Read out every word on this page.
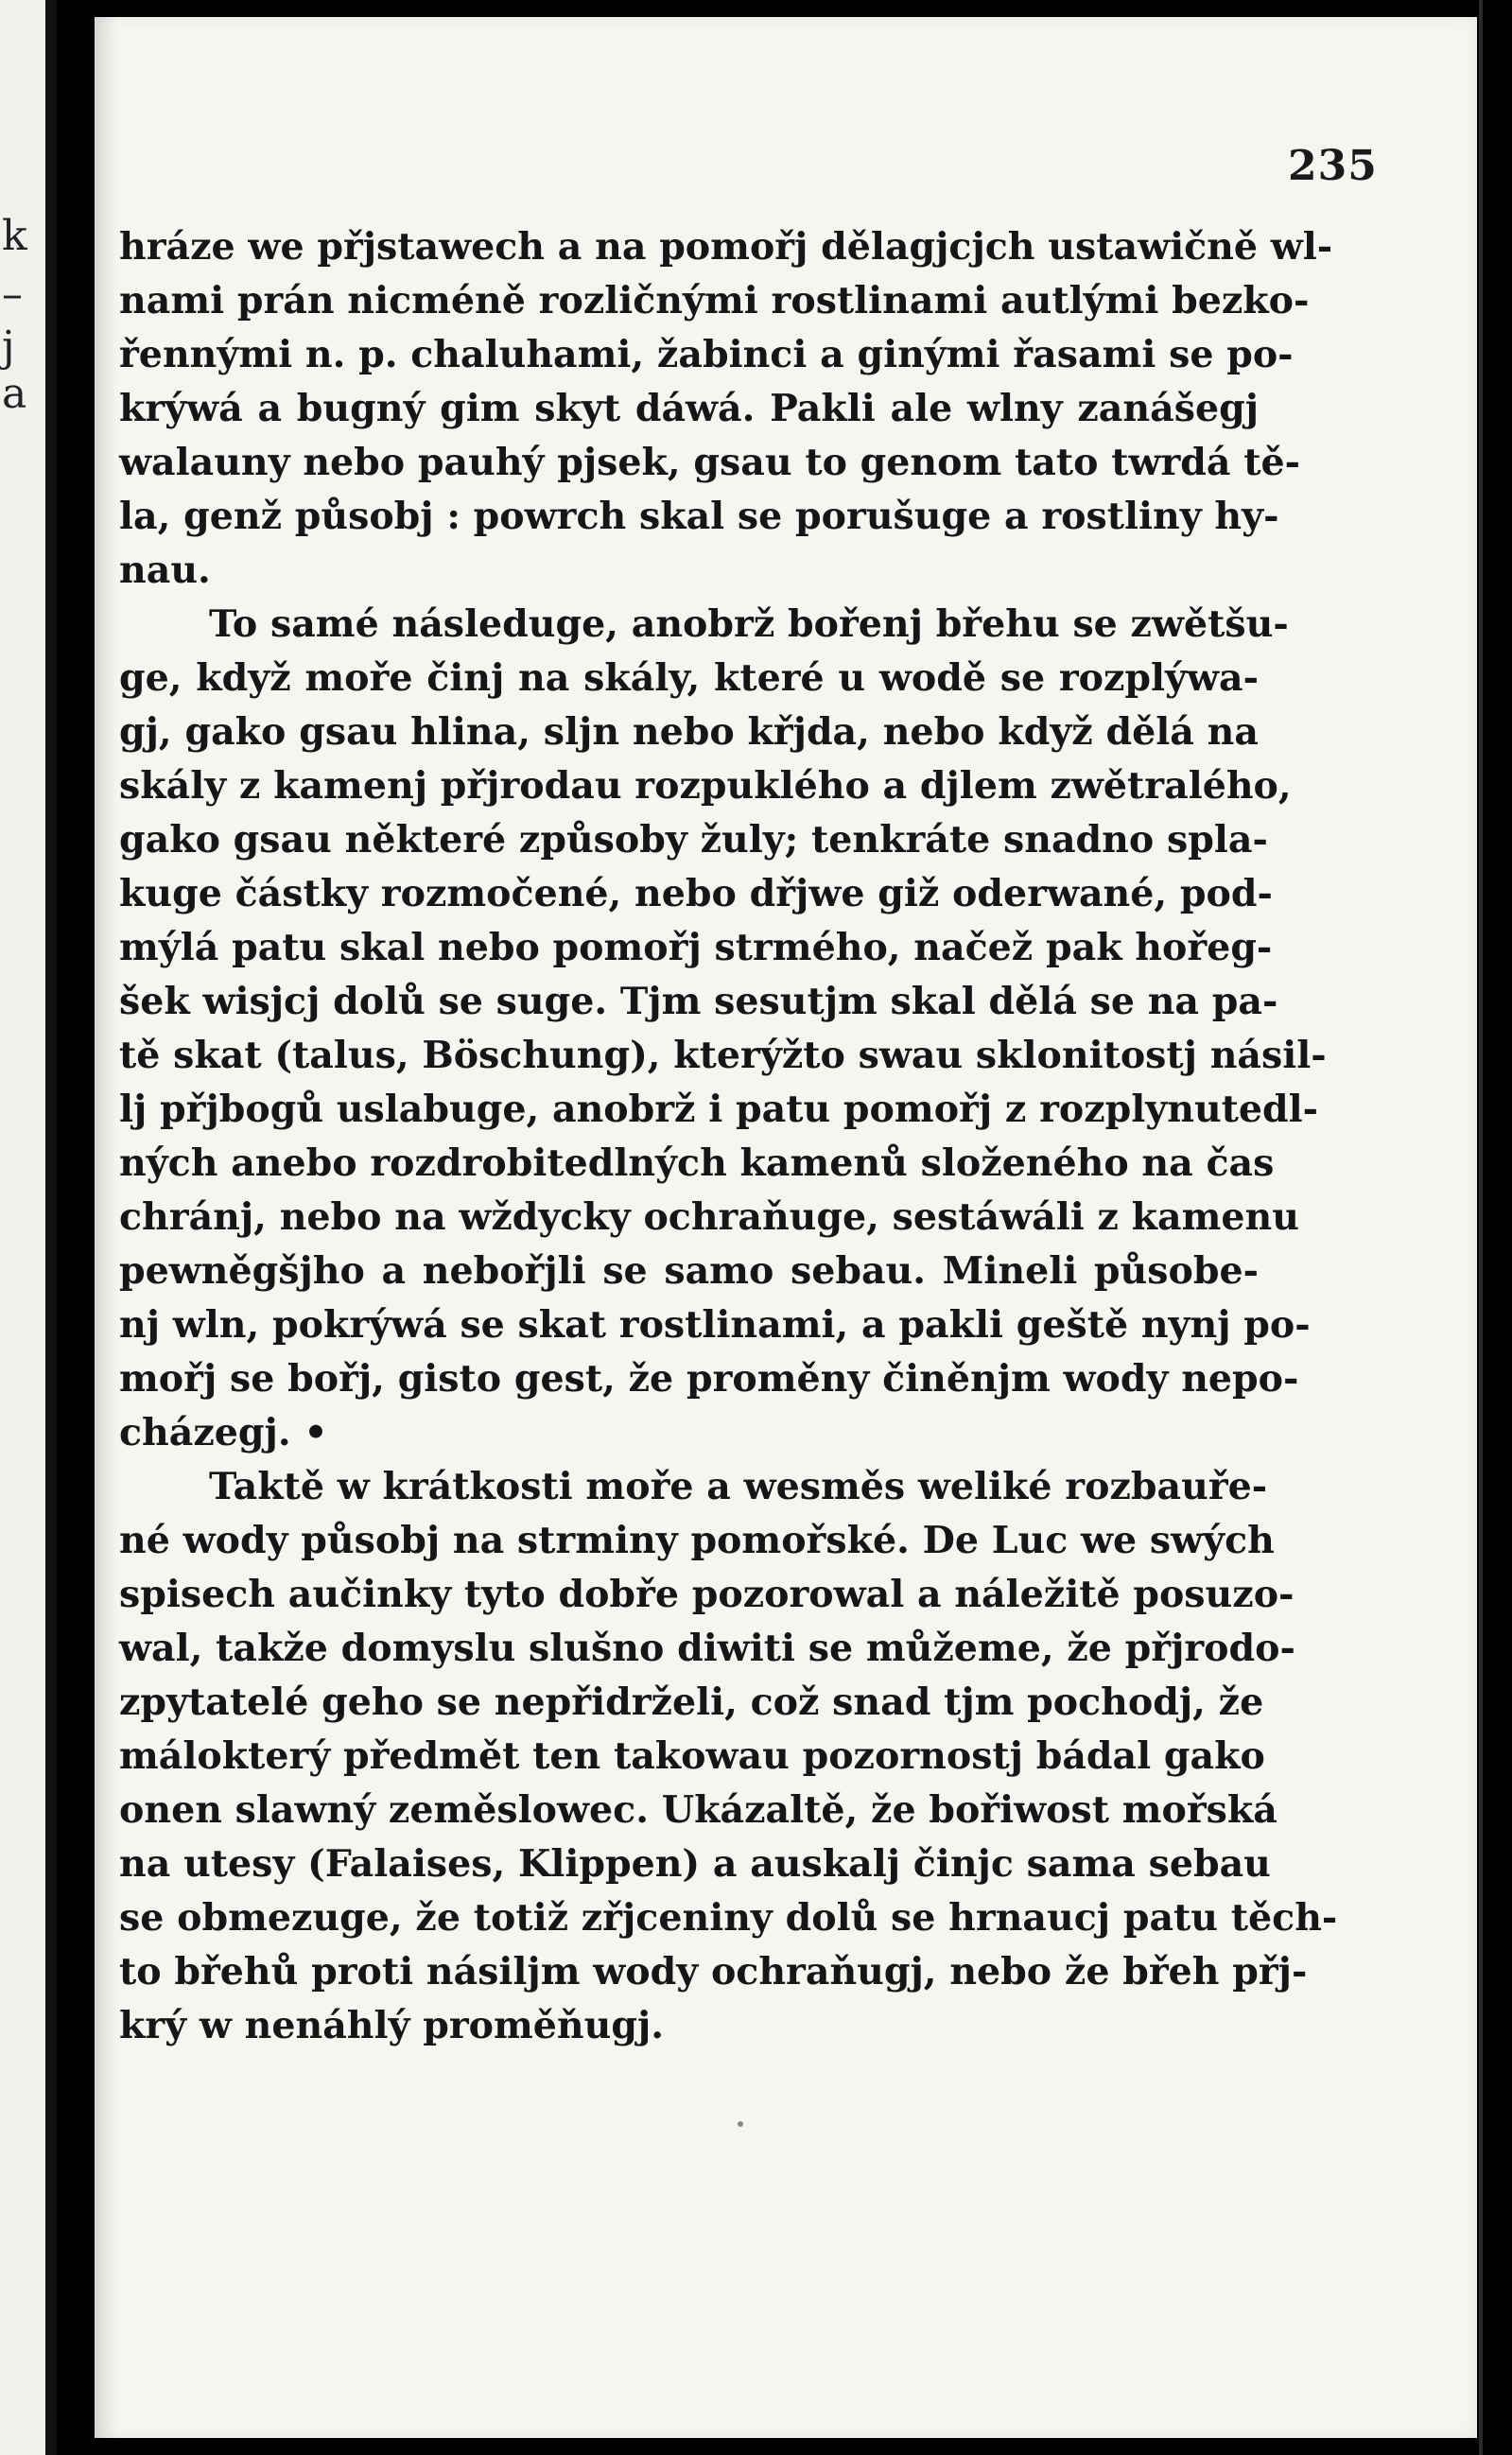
k
–
j
a
235
hráze we přjstawech a na pomořj dělagjcjch ustawičně wl-
nami prán nicméně rozličnými rostlinami autlými bezko-
řennými n. p. chaluhami, žabinci a ginými řasami se po-
krýwá a bugný gim skyt dáwá. Pakli ale wlny zanášegj
walauny nebo pauhý pjsek, gsau to genom tato twrdá tě-
la, genž působj : powrch skal se porušuge a rostliny hy-
nau.
To samé následuge, anobrž bořenj břehu se zwětšu-
ge, když moře činj na skály, které u wodě se rozplýwa-
gj, gako gsau hlina, sljn nebo křjda, nebo když dělá na
skály z kamenj přjrodau rozpuklého a djlem zwětralého,
gako gsau některé způsoby žuly; tenkráte snadno spla-
kuge částky rozmočené, nebo dřjwe giž oderwané, pod-
mýlá patu skal nebo pomořj strmého, načež pak hořeg-
šek wisjcj dolů se suge. Tjm sesutjm skal dělá se na pa-
tě skat (talus, Böschung), kterýžto swau sklonitostj násil-
lj přjbogů uslabuge, anobrž i patu pomořj z rozplynutedl-
ných anebo rozdrobitedlných kamenů složeného na čas
chránj, nebo na wždycky ochraňuge, sestáwáli z kamenu
pewněgšjho a nebořjli se samo sebau. Mineli působe-
nj wln, pokrýwá se skat rostlinami, a pakli geště nynj po-
mořj se bořj, gisto gest, že proměny činěnjm wody nepo-
cházegj. •
Taktě w krátkosti moře a wesměs weliké rozbauře-
né wody působj na strminy pomořské. De Luc we swých
spisech aučinky tyto dobře pozorowal a náležitě posuzo-
wal, takže domyslu slušno diwiti se můžeme, že přjrodo-
zpytatelé geho se nepřidrželi, což snad tjm pochodj, že
málokterý předmět ten takowau pozornostj bádal gako
onen slawný zeměslowec. Ukázaltě, že bořiwost mořská
na utesy (Falaises, Klippen) a auskalj činjc sama sebau
se obmezuge, že totiž zřjceniny dolů se hrnaucj patu těch-
to břehů proti násiljm wody ochraňugj, nebo že břeh přj-
krý w nenáhlý proměňugj.
